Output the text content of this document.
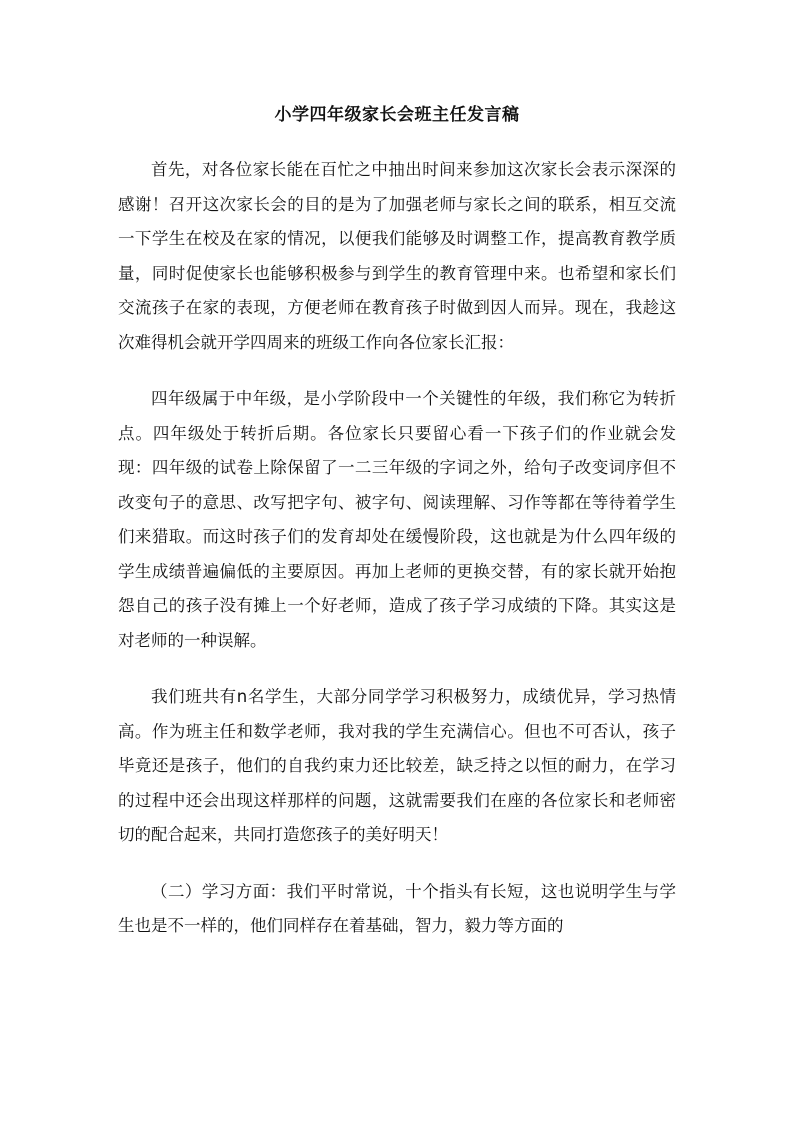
小学四年级家长会班主任发言稿

首先，对各位家长能在百忙之中抽出时间来参加这次家长会表示深深的感谢！召开这次家长会的目的是为了加强老师与家长之间的联系，相互交流一下学生在校及在家的情况，以便我们能够及时调整工作，提高教育教学质量，同时促使家长也能够积极参与到学生的教育管理中来。也希望和家长们交流孩子在家的表现，方便老师在教育孩子时做到因人而异。现在，我趁这次难得机会就开学四周来的班级工作向各位家长汇报：

四年级属于中年级，是小学阶段中一个关键性的年级，我们称它为转折点。四年级处于转折后期。各位家长只要留心看一下孩子们的作业就会发现：四年级的试卷上除保留了一二三年级的字词之外，给句子改变词序但不改变句子的意思、改写把字句、被字句、阅读理解、习作等都在等待着学生们来猎取。而这时孩子们的发育却处在缓慢阶段，这也就是为什么四年级的学生成绩普遍偏低的主要原因。再加上老师的更换交替，有的家长就开始抱怨自己的孩子没有摊上一个好老师，造成了孩子学习成绩的下降。其实这是对老师的一种误解。

我们班共有n名学生，大部分同学学习积极努力，成绩优异，学习热情高。作为班主任和数学老师，我对我的学生充满信心。但也不可否认，孩子毕竟还是孩子，他们的自我约束力还比较差，缺乏持之以恒的耐力，在学习的过程中还会出现这样那样的问题，这就需要我们在座的各位家长和老师密切的配合起来，共同打造您孩子的美好明天！

（二）学习方面：我们平时常说，十个指头有长短，这也说明学生与学生也是不一样的，他们同样存在着基础，智力，毅力等方面的
